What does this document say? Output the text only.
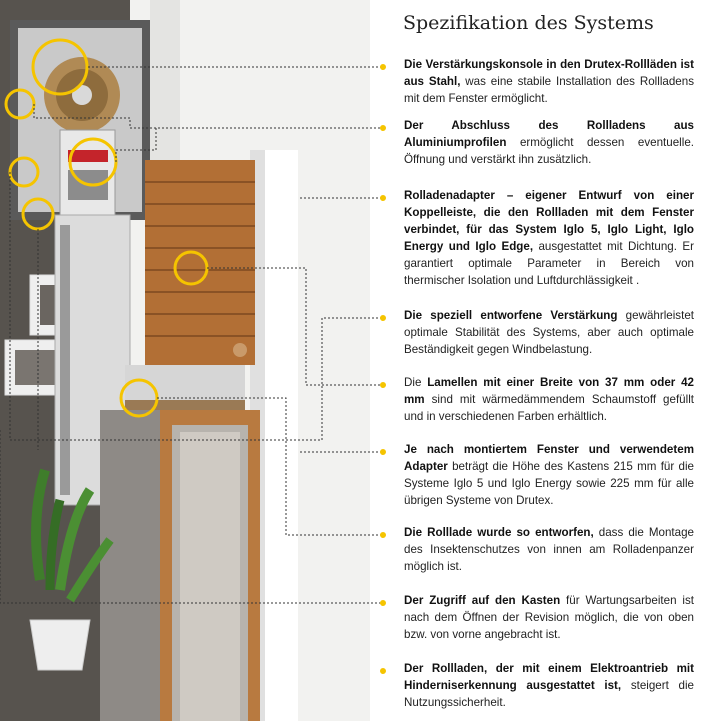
Spezifikation des Systems
Die Verstärkungskonsole in den Drutex-Rollläden ist aus Stahl, was eine stabile Installation des Rollladens mit dem Fenster ermöglicht.
Der Abschluss des Rollladens aus Aluminiumprofilen ermöglicht dessen eventuelle. Öffnung und verstärkt ihn zusätzlich.
Rolladenadapter – eigener Entwurf von einer Koppelleiste, die den Rollladen mit dem Fenster verbindet, für das System Iglo 5, Iglo Light, Iglo Energy und Iglo Edge, ausgestattet mit Dichtung. Er garantiert optimale Parameter in Bereich von thermischer Isolation und Luftdurchlässigkeit .
Die speziell entworfene Verstärkung gewährleistet optimale Stabilität des Systems, aber auch optimale Beständigkeit gegen Windbelastung.
Die Lamellen mit einer Breite von 37 mm oder 42 mm sind mit wärmedämmendem Schaumstoff gefüllt und in verschiedenen Farben erhältlich.
Je nach montiertem Fenster und verwendetem Adapter beträgt die Höhe des Kastens 215 mm für die Systeme Iglo 5 und Iglo Energy sowie 225 mm für alle übrigen Systeme von Drutex.
Die Rolllade wurde so entworfen, dass die Montage des Insektenschutzes von innen am Rolladenpanzer möglich ist.
Der Zugriff auf den Kasten für Wartungsarbeiten ist nach dem Öffnen der Revision möglich, die von oben bzw. von vorne angebracht ist.
Der Rollladen, der mit einem Elektroantrieb mit Hinderniserkennung ausgestattet ist, steigert die Nutzungssicherheit.
